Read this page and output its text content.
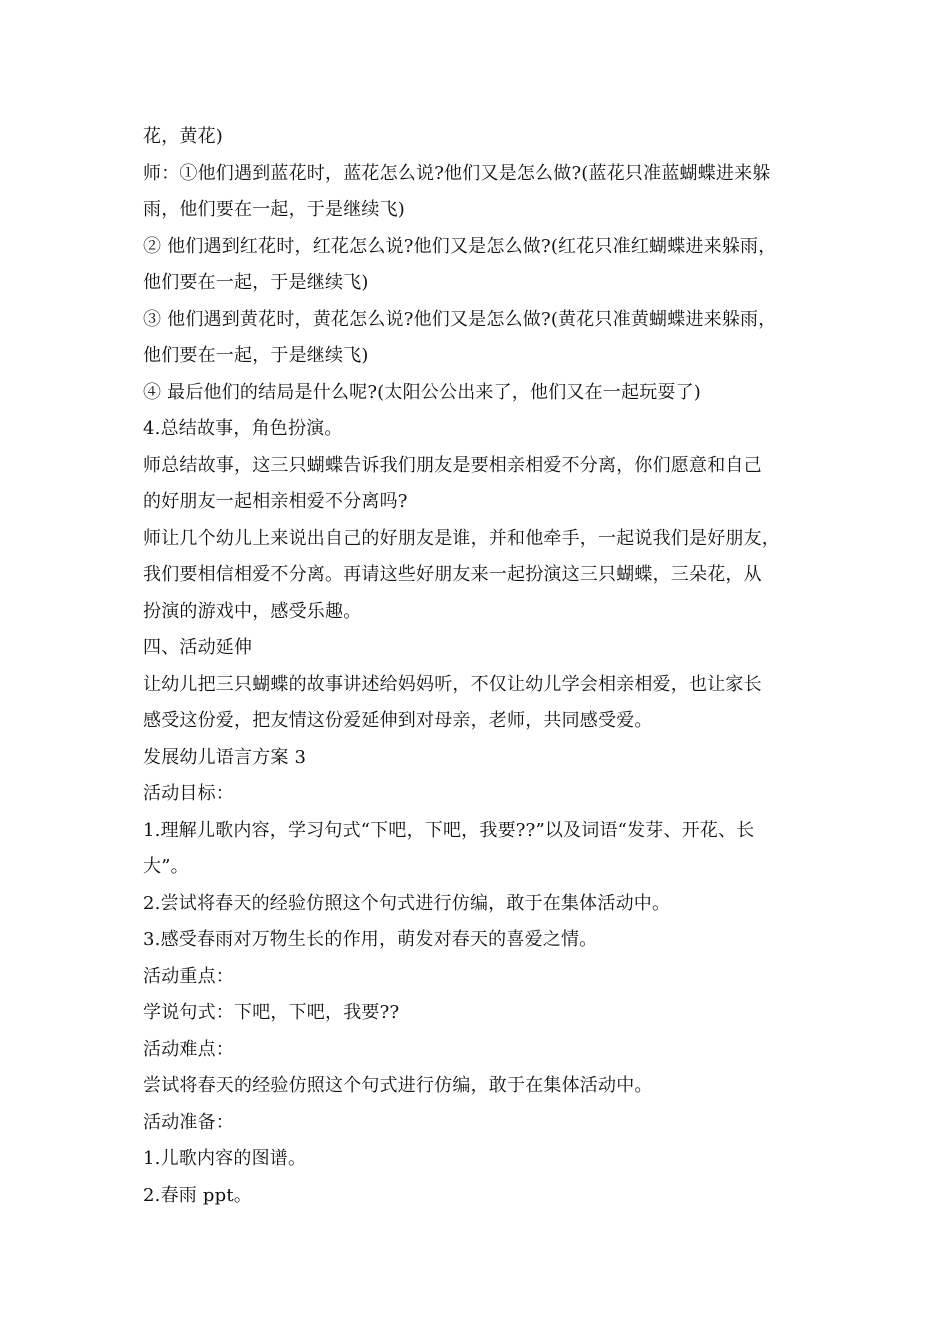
花，黄花)
师：①他们遇到蓝花时，蓝花怎么说?他们又是怎么做?(蓝花只准蓝蝴蝶进来躲
雨，他们要在一起，于是继续飞)
② 他们遇到红花时，红花怎么说?他们又是怎么做?(红花只准红蝴蝶进来躲雨，
他们要在一起，于是继续飞)
③ 他们遇到黄花时，黄花怎么说?他们又是怎么做?(黄花只准黄蝴蝶进来躲雨，
他们要在一起，于是继续飞)
④ 最后他们的结局是什么呢?(太阳公公出来了，他们又在一起玩耍了)
4.总结故事，角色扮演。
师总结故事，这三只蝴蝶告诉我们朋友是要相亲相爱不分离，你们愿意和自己
的好朋友一起相亲相爱不分离吗?
师让几个幼儿上来说出自己的好朋友是谁，并和他牵手，一起说我们是好朋友，
我们要相信相爱不分离。再请这些好朋友来一起扮演这三只蝴蝶，三朵花，从
扮演的游戏中，感受乐趣。
四、活动延伸
让幼儿把三只蝴蝶的故事讲述给妈妈听，不仅让幼儿学会相亲相爱，也让家长
感受这份爱，把友情这份爱延伸到对母亲，老师，共同感受爱。
发展幼儿语言方案 3
活动目标：
1.理解儿歌内容，学习句式“下吧，下吧，我要??”以及词语“发芽、开花、长
大”。
2.尝试将春天的经验仿照这个句式进行仿编，敢于在集体活动中。
3.感受春雨对万物生长的作用，萌发对春天的喜爱之情。
活动重点：
学说句式：下吧，下吧，我要??
活动难点：
尝试将春天的经验仿照这个句式进行仿编，敢于在集体活动中。
活动准备：
1.儿歌内容的图谱。
2.春雨 ppt。
